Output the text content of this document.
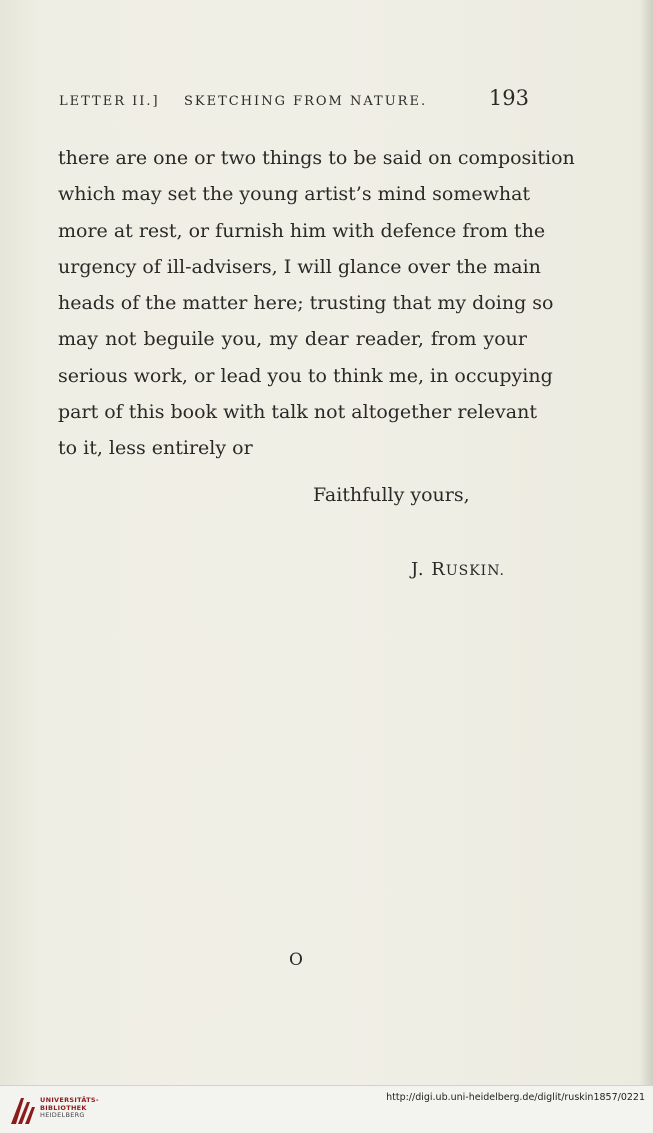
LETTER II.] SKETCHING FROM NATURE.	193
there are one or two things to be said on composition
which may set the young artist’s mind somewhat
more at rest, or furnish him with defence from the
urgency of ill-advisers, I will glance over the main
heads of the matter here; trusting that my doing so
may not beguile you, my dear reader, from your
serious work, or lead you to think me, in occupying
part of this book with talk not altogether relevant
to it, less entirely or
Faithfully yours,
J. RUSKIN.
O
UNIVERSITÄTS-
BIBLIOTHEK
HEIDELBERG
http://digi.ub.uni-heidelberg.de/diglit/ruskin1857/0221
